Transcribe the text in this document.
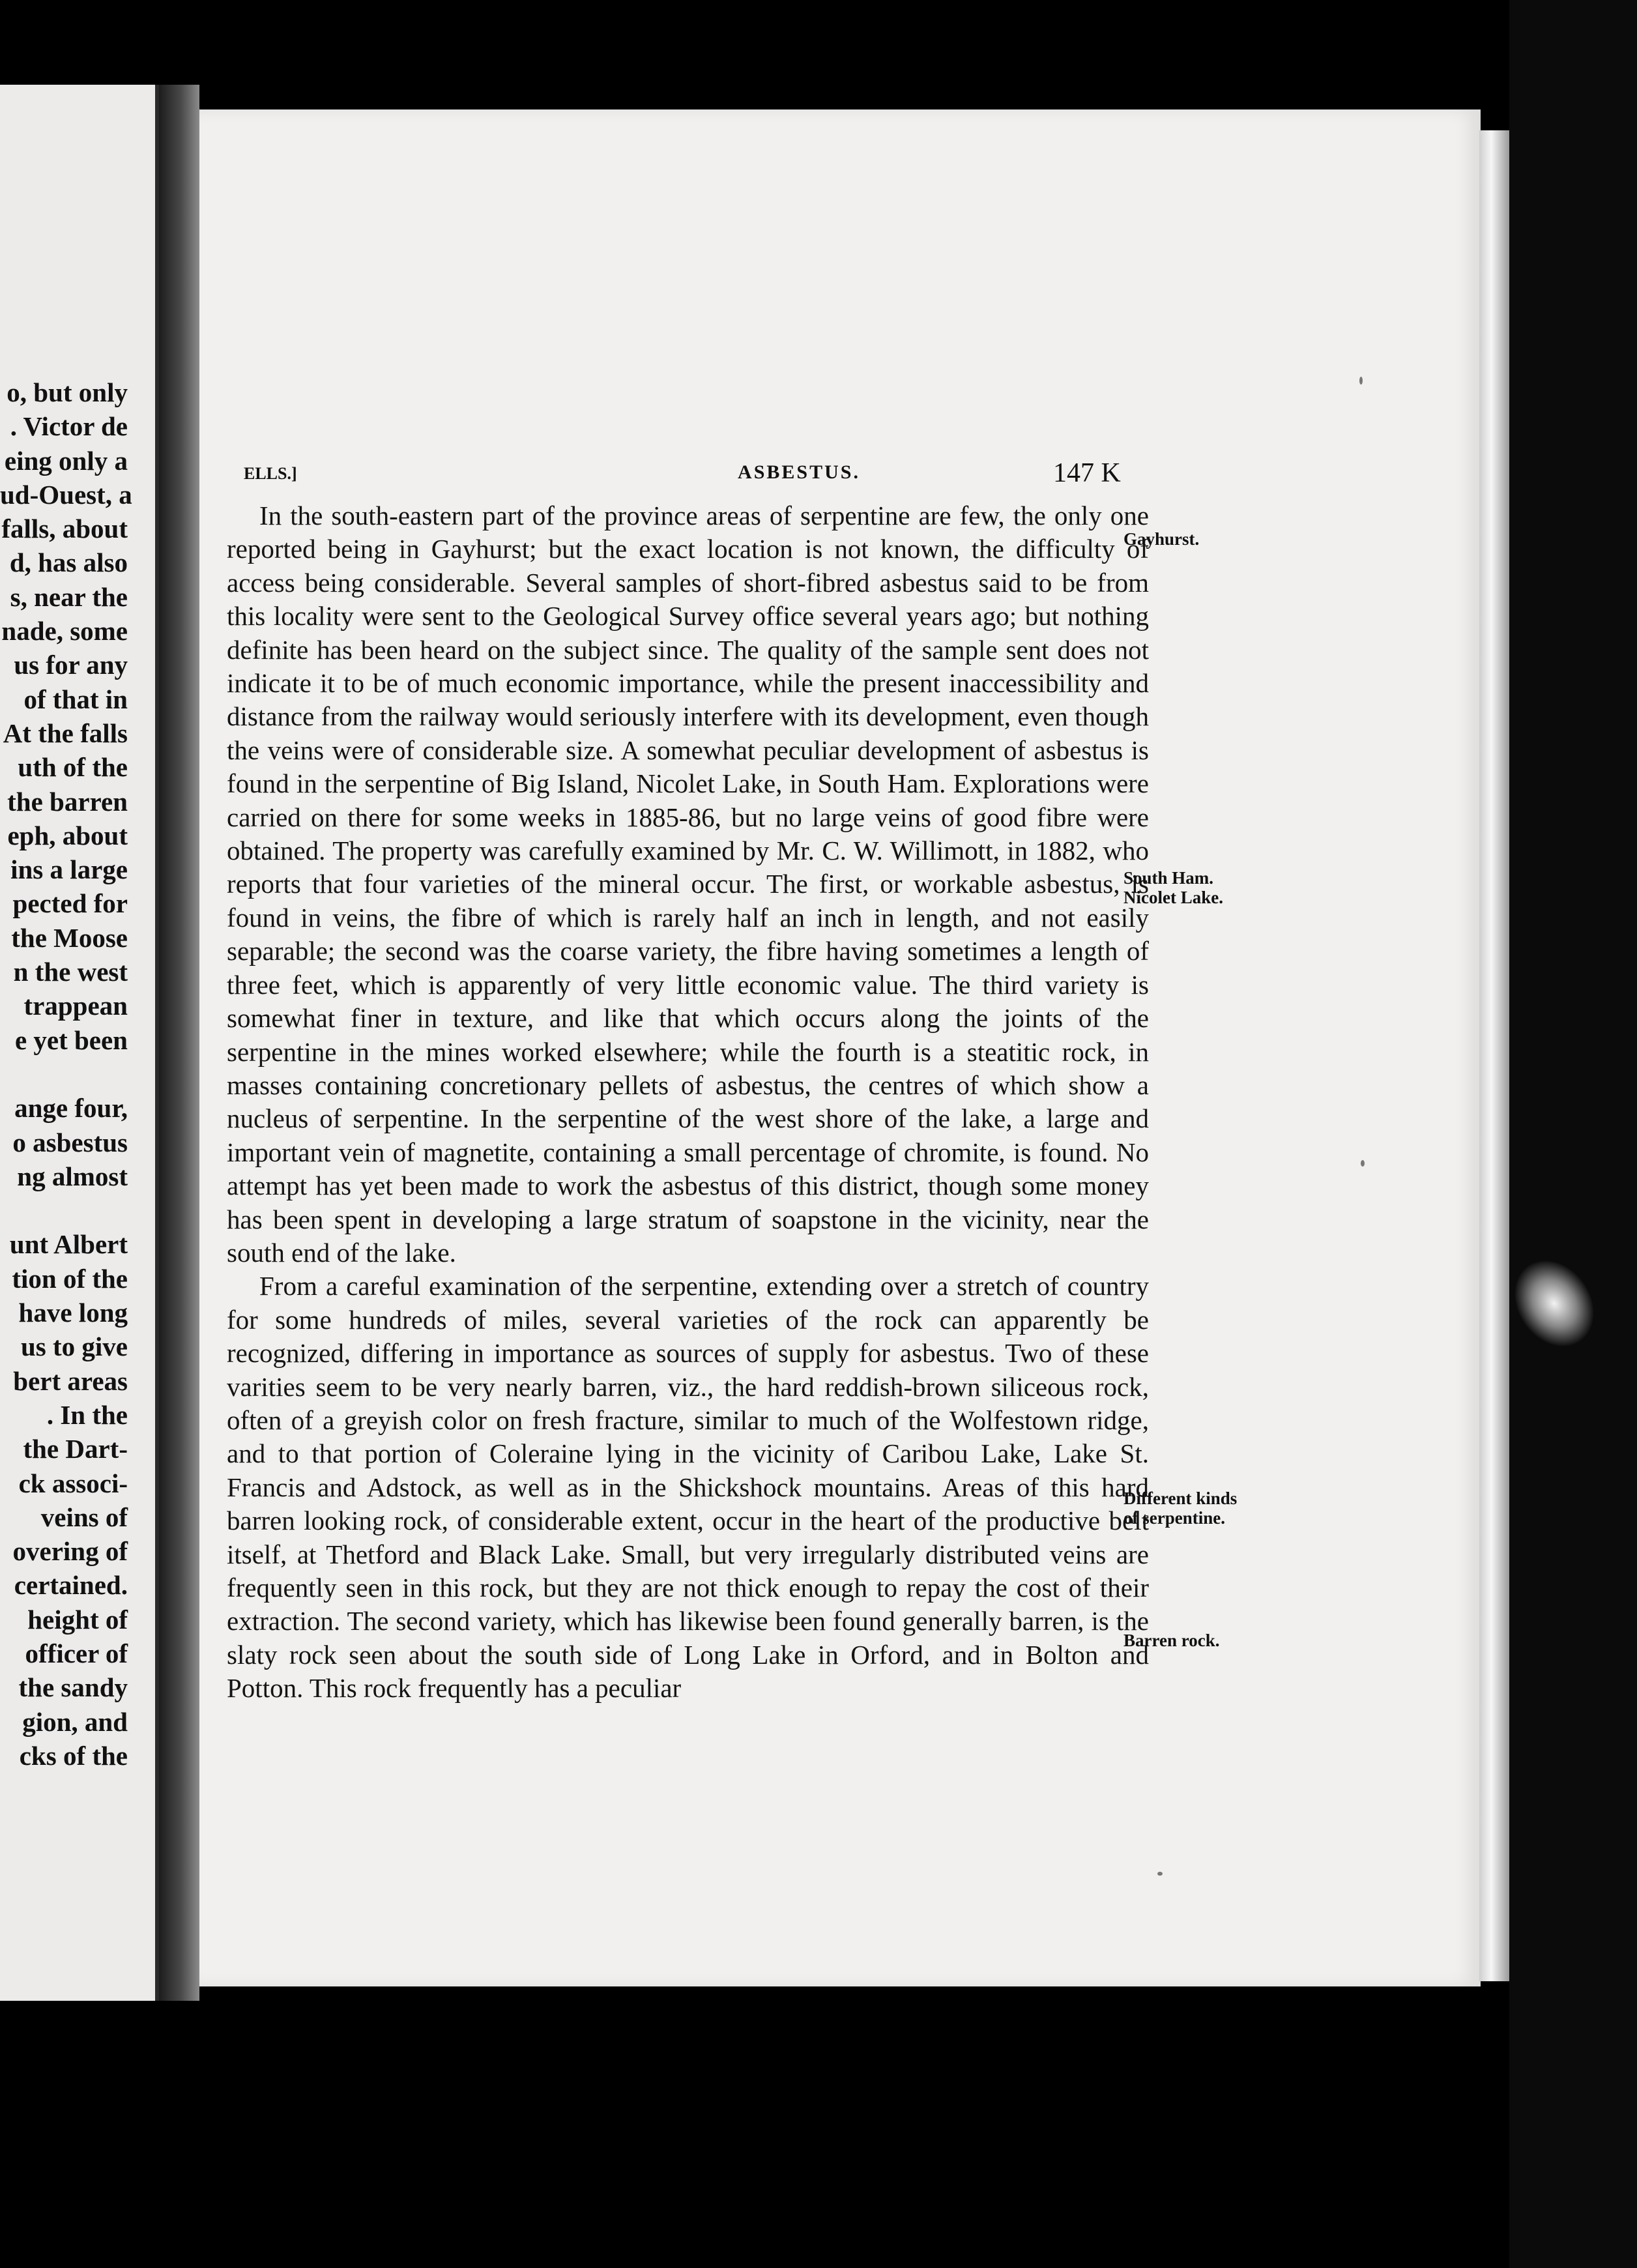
o, but only
. Victor de
eing only a
ud-Ouest, a
falls, about
d, has also
s, near the
nade, some
us for any
of that in
At the falls
uth of the
the barren
eph, about
ins a large
pected for
the Moose
n the west
trappean
e yet been
ange four,
o asbestus
ng almost
unt Albert
tion of the
have long
us to give
bert areas
. In the
the Dart-
ck associ-
veins of
overing of
certained.
height of
officer of
the sandy
gion, and
cks of the
ELLS.]	ASBESTUS.	147 K

In the south-eastern part of the province areas of serpentine are few, the only one reported being in Gayhurst; but the exact location is not known, the difficulty of access being considerable. Several samples of short-fibred asbestus said to be from this locality were sent to the Geological Survey office several years ago; but nothing definite has been heard on the subject since. The quality of the sample sent does not indicate it to be of much economic importance, while the present inaccessibility and distance from the railway would seriously interfere with its development, even though the veins were of considerable size. A somewhat peculiar development of asbestus is found in the serpentine of Big Island, Nicolet Lake, in South Ham. Explorations were carried on there for some weeks in 1885-86, but no large veins of good fibre were obtained. The property was carefully examined by Mr. C. W. Willimott, in 1882, who reports that four varieties of the mineral occur. The first, or workable asbestus, is found in veins, the fibre of which is rarely half an inch in length, and not easily separable; the second was the coarse variety, the fibre having sometimes a length of three feet, which is apparently of very little economic value. The third variety is somewhat finer in texture, and like that which occurs along the joints of the serpentine in the mines worked elsewhere; while the fourth is a steatitic rock, in masses containing concretionary pellets of asbestus, the centres of which show a nucleus of serpentine. In the serpentine of the west shore of the lake, a large and important vein of magnetite, containing a small percentage of chromite, is found. No attempt has yet been made to work the asbestus of this district, though some money has been spent in developing a large stratum of soapstone in the vicinity, near the south end of the lake.

From a careful examination of the serpentine, extending over a stretch of country for some hundreds of miles, several varieties of the rock can apparently be recognized, differing in importance as sources of supply for asbestus. Two of these varities seem to be very nearly barren, viz., the hard reddish-brown siliceous rock, often of a greyish color on fresh fracture, similar to much of the Wolfestown ridge, and to that portion of Coleraine lying in the vicinity of Caribou Lake, Lake St. Francis and Adstock, as well as in the Shickshock mountains. Areas of this hard barren looking rock, of considerable extent, occur in the heart of the productive belt itself, at Thetford and Black Lake. Small, but very irregularly distributed veins are frequently seen in this rock, but they are not thick enough to repay the cost of their extraction. The second variety, which has likewise been found generally barren, is the slaty rock seen about the south side of Long Lake in Orford, and in Bolton and Potton. This rock frequently has a peculiar

Gayhurst.
South Ham.
Nicolet Lake.
Different kinds
of serpentine.
Barren rock.
